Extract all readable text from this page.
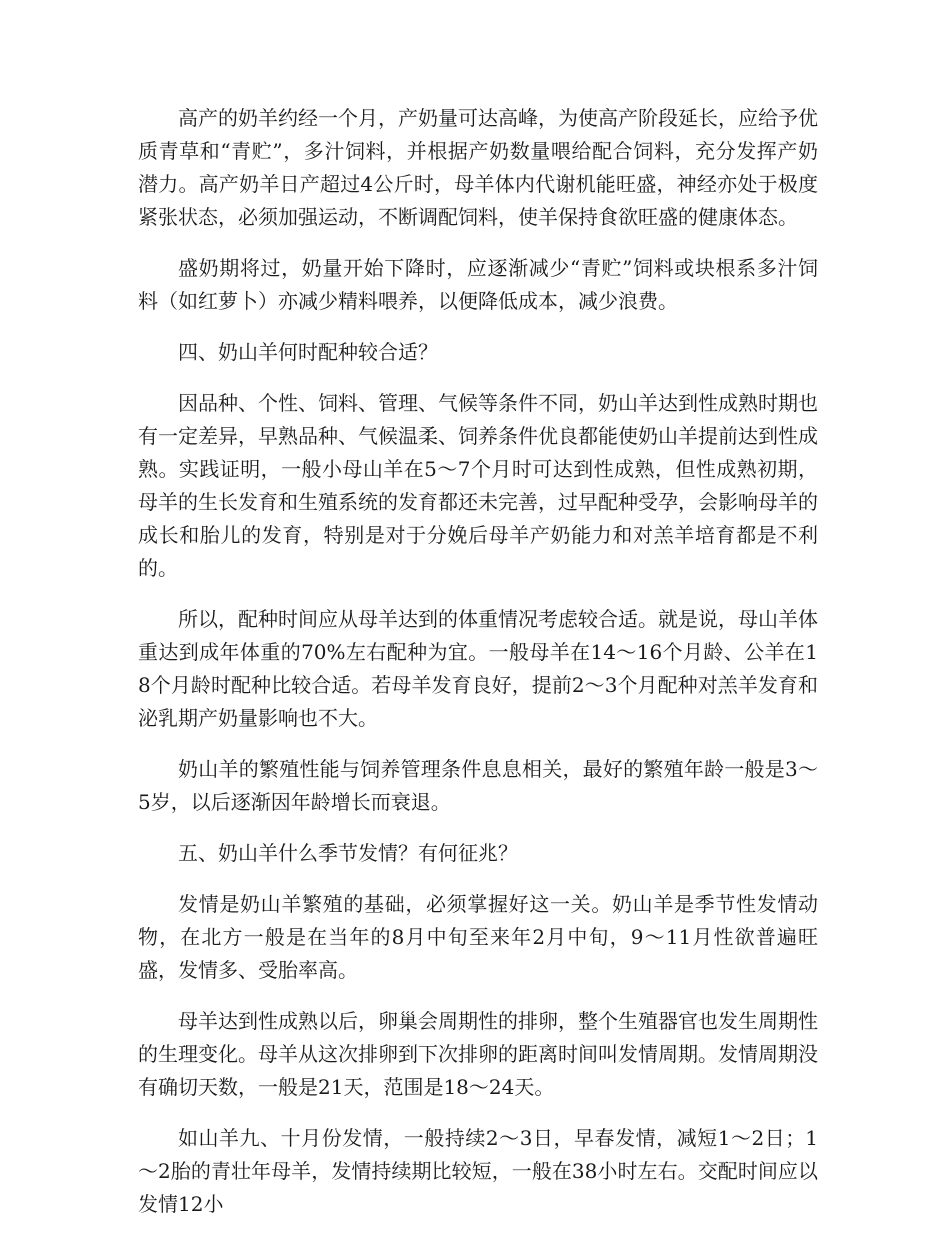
高产的奶羊约经一个月，产奶量可达高峰，为使高产阶段延长，应给予优质青草和“青贮”，多汁饲料，并根据产奶数量喂给配合饲料，充分发挥产奶潜力。高产奶羊日产超过4公斤时，母羊体内代谢机能旺盛，神经亦处于极度紧张状态，必须加强运动，不断调配饲料，使羊保持食欲旺盛的健康体态。

盛奶期将过，奶量开始下降时，应逐渐减少“青贮”饲料或块根系多汁饲料（如红萝卜）亦减少精料喂养，以便降低成本，减少浪费。

四、奶山羊何时配种较合适？

因品种、个性、饲料、管理、气候等条件不同，奶山羊达到性成熟时期也有一定差异，早熟品种、气候温柔、饲养条件优良都能使奶山羊提前达到性成熟。实践证明，一般小母山羊在5～7个月时可达到性成熟，但性成熟初期，母羊的生长发育和生殖系统的发育都还未完善，过早配种受孕，会影响母羊的成长和胎儿的发育，特别是对于分娩后母羊产奶能力和对羔羊培育都是不利的。

所以，配种时间应从母羊达到的体重情况考虑较合适。就是说，母山羊体重达到成年体重的70%左右配种为宜。一般母羊在14～16个月龄、公羊在18个月龄时配种比较合适。若母羊发育良好，提前2～3个月配种对羔羊发育和泌乳期产奶量影响也不大。

奶山羊的繁殖性能与饲养管理条件息息相关，最好的繁殖年龄一般是3～5岁，以后逐渐因年龄增长而衰退。

五、奶山羊什么季节发情？有何征兆？

发情是奶山羊繁殖的基础，必须掌握好这一关。奶山羊是季节性发情动物，在北方一般是在当年的8月中旬至来年2月中旬，9～11月性欲普遍旺盛，发情多、受胎率高。

母羊达到性成熟以后，卵巢会周期性的排卵，整个生殖器官也发生周期性的生理变化。母羊从这次排卵到下次排卵的距离时间叫发情周期。发情周期没有确切天数，一般是21天，范围是18～24天。

如山羊九、十月份发情，一般持续2～3日，早春发情，减短1～2日；1～2胎的青壮年母羊，发情持续期比较短，一般在38小时左右。交配时间应以发情12小
